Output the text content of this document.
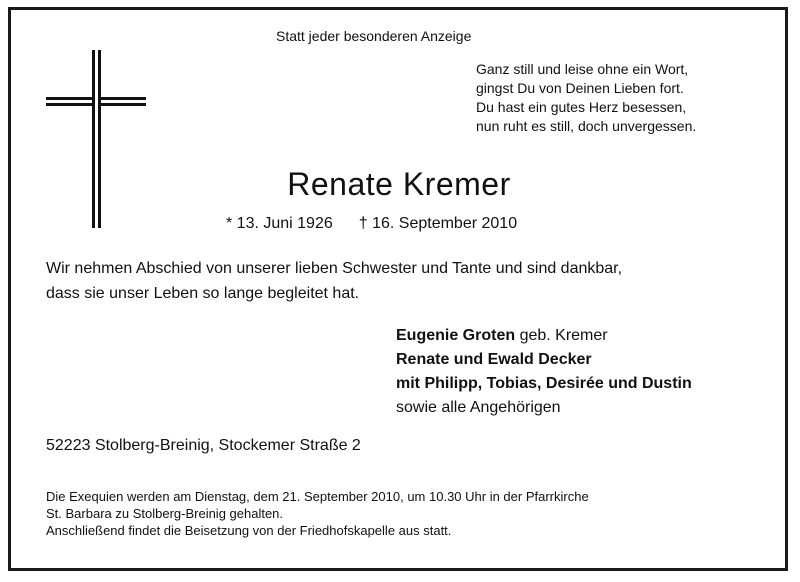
Statt jeder besonderen Anzeige
Ganz still und leise ohne ein Wort,
gingst Du von Deinen Lieben fort.
Du hast ein gutes Herz besessen,
nun ruht es still, doch unvergessen.
Renate Kremer
* 13. Juni 1926 † 16. September 2010
Wir nehmen Abschied von unserer lieben Schwester und Tante und sind dankbar,
dass sie unser Leben so lange begleitet hat.
Eugenie Groten geb. Kremer
Renate und Ewald Decker
mit Philipp, Tobias, Desirée und Dustin
sowie alle Angehörigen
52223 Stolberg-Breinig, Stockemer Straße 2
Die Exequien werden am Dienstag, dem 21. September 2010, um 10.30 Uhr in der Pfarrkirche
St. Barbara zu Stolberg-Breinig gehalten.
Anschließend findet die Beisetzung von der Friedhofskapelle aus statt.
